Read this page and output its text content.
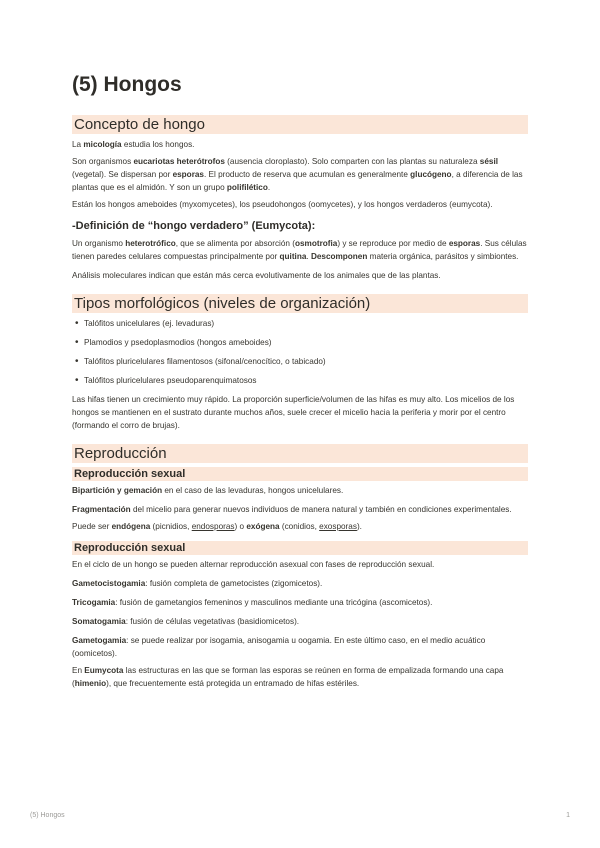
(5) Hongos
Concepto de hongo

La micología estudia los hongos.

Son organismos eucariotas heterótrofos (ausencia cloroplasto). Solo comparten con las plantas su naturaleza sésil (vegetal). Se dispersan por esporas. El producto de reserva que acumulan es generalmente glucógeno, a diferencia de las plantas que es el almidón. Y son un grupo polifilético.

Están los hongos ameboides (myxomycetes), los pseudohongos (oomycetes), y los hongos verdaderos (eumycota).

-Definición de “hongo verdadero” (Eumycota):

Un organismo heterotrófico, que se alimenta por absorción (osmotrofia) y se reproduce por medio de esporas. Sus células tienen paredes celulares compuestas principalmente por quitina. Descomponen materia orgánica, parásitos y simbiontes.

Análisis moleculares indican que están más cerca evolutivamente de los animales que de las plantas.

Tipos morfológicos (niveles de organización)
• Talófitos unicelulares (ej. levaduras)
• Plamodios y psedoplasmodios (hongos ameboides)
• Talófitos pluricelulares filamentosos (sifonal/cenocítico, o tabicado)
• Talófitos pluricelulares pseudoparenquimatosos

Las hifas tienen un crecimiento muy rápido. La proporción superficie/volumen de las hifas es muy alto. Los micelios de los hongos se mantienen en el sustrato durante muchos años, suele crecer el micelio hacia la periferia y morir por el centro (formando el corro de brujas).

Reproducción
Reproducción sexual

Bipartición y gemación en el caso de las levaduras, hongos unicelulares.

Fragmentación del micelio para generar nuevos individuos de manera natural y también en condiciones experimentales.

Puede ser endógena (picnidios, endosporas) o exógena (conidios, exosporas).

Reproducción sexual

En el ciclo de un hongo se pueden alternar reproducción asexual con fases de reproducción sexual.

Gametocistogamia: fusión completa de gametocistes (zigomicetos).

Tricogamia: fusión de gametangios femeninos y masculinos mediante una tricógina (ascomicetos).

Somatogamia: fusión de células vegetativas (basidiomicetos).

Gametogamia: se puede realizar por isogamia, anisogamia u oogamia. En este último caso, en el medio acuático (oomicetos).

En Eumycota las estructuras en las que se forman las esporas se reúnen en forma de empalizada formando una capa (himenio), que frecuentemente está protegida un entramado de hifas estériles.

(5) Hongos	1
